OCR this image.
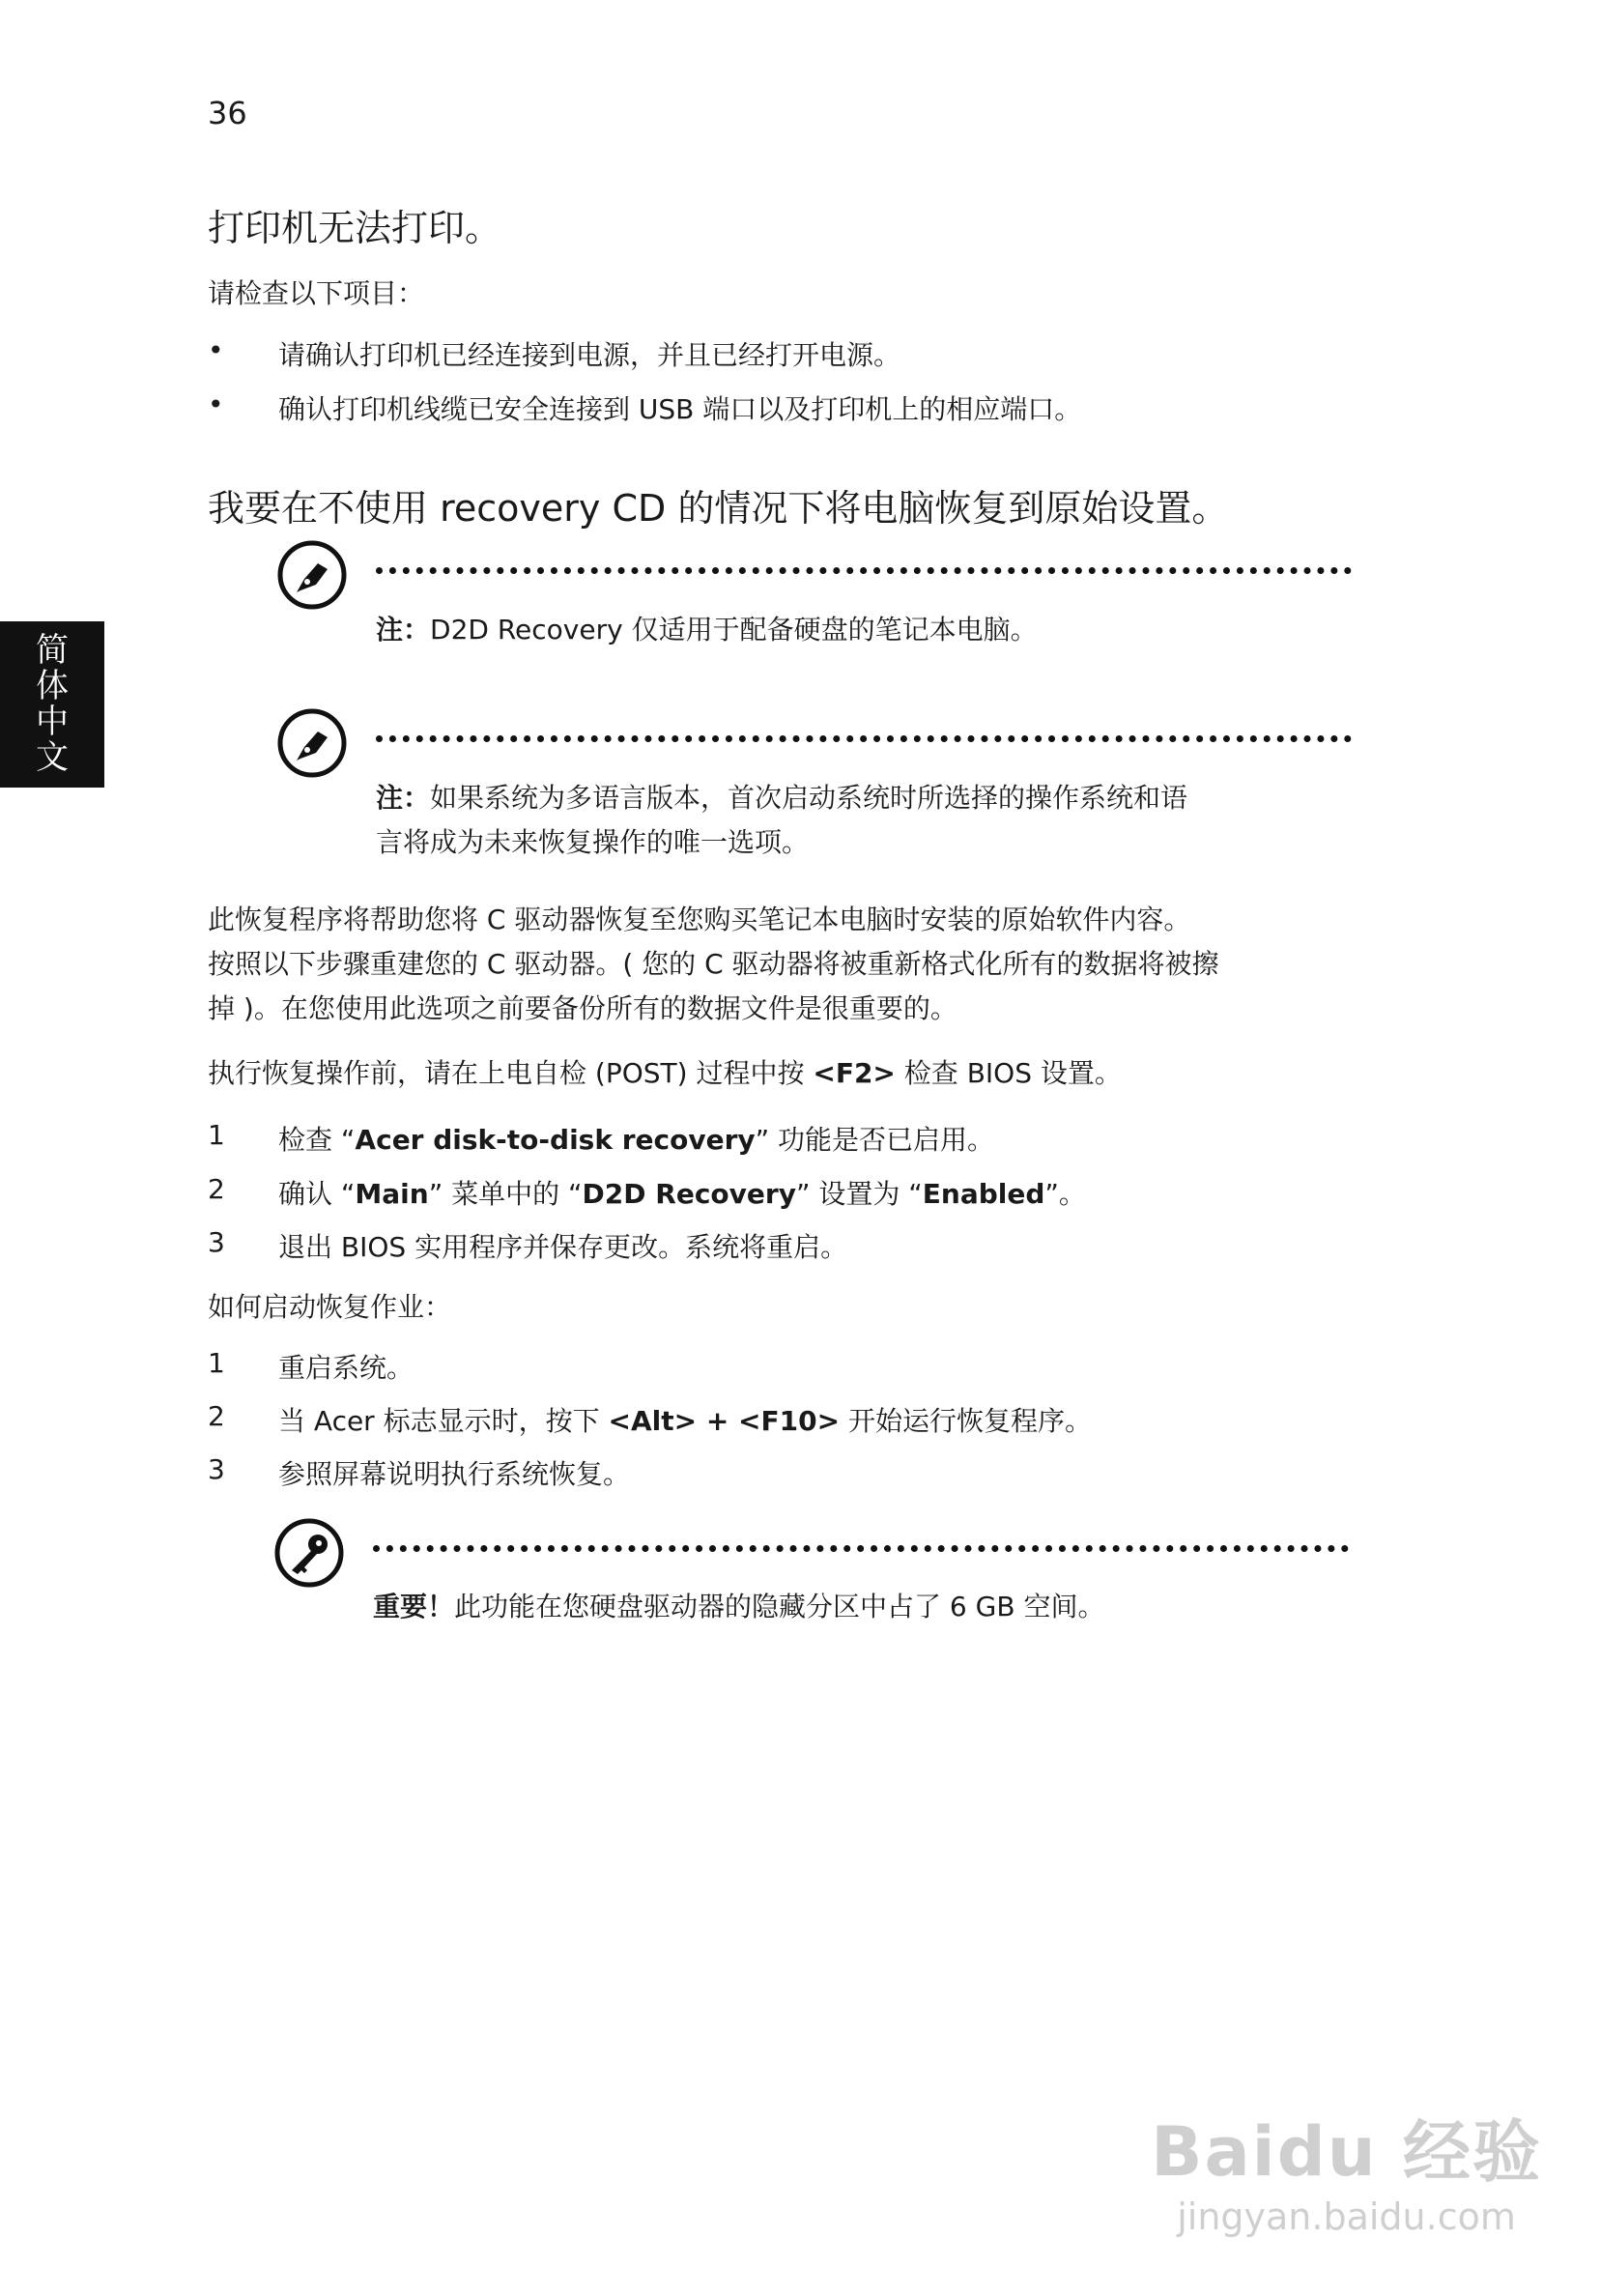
36
简
体
中
文
打印机无法打印。
请检查以下项目：
•	请确认打印机已经连接到电源，并且已经打开电源。
•	确认打印机线缆已安全连接到 USB 端口以及打印机上的相应端口。
我要在不使用 recovery CD 的情况下将电脑恢复到原始设置。
注：D2D Recovery 仅适用于配备硬盘的笔记本电脑。
注：如果系统为多语言版本，首次启动系统时所选择的操作系统和语
言将成为未来恢复操作的唯一选项。
此恢复程序将帮助您将 C 驱动器恢复至您购买笔记本电脑时安装的原始软件内容。
按照以下步骤重建您的 C 驱动器。( 您的 C 驱动器将被重新格式化所有的数据将被擦
掉 )。在您使用此选项之前要备份所有的数据文件是很重要的。
执行恢复操作前，请在上电自检 (POST) 过程中按 <F2> 检查 BIOS 设置。
1	检查 “Acer disk-to-disk recovery” 功能是否已启用。
2	确认 “Main” 菜单中的 “D2D Recovery” 设置为 “Enabled”。
3	退出 BIOS 实用程序并保存更改。系统将重启。
如何启动恢复作业：
1	重启系统。
2	当 Acer 标志显示时，按下 <Alt> + <F10> 开始运行恢复程序。
3	参照屏幕说明执行系统恢复。
重要！此功能在您硬盘驱动器的隐藏分区中占了 6 GB 空间。
Baidu 经验
jingyan.baidu.com
